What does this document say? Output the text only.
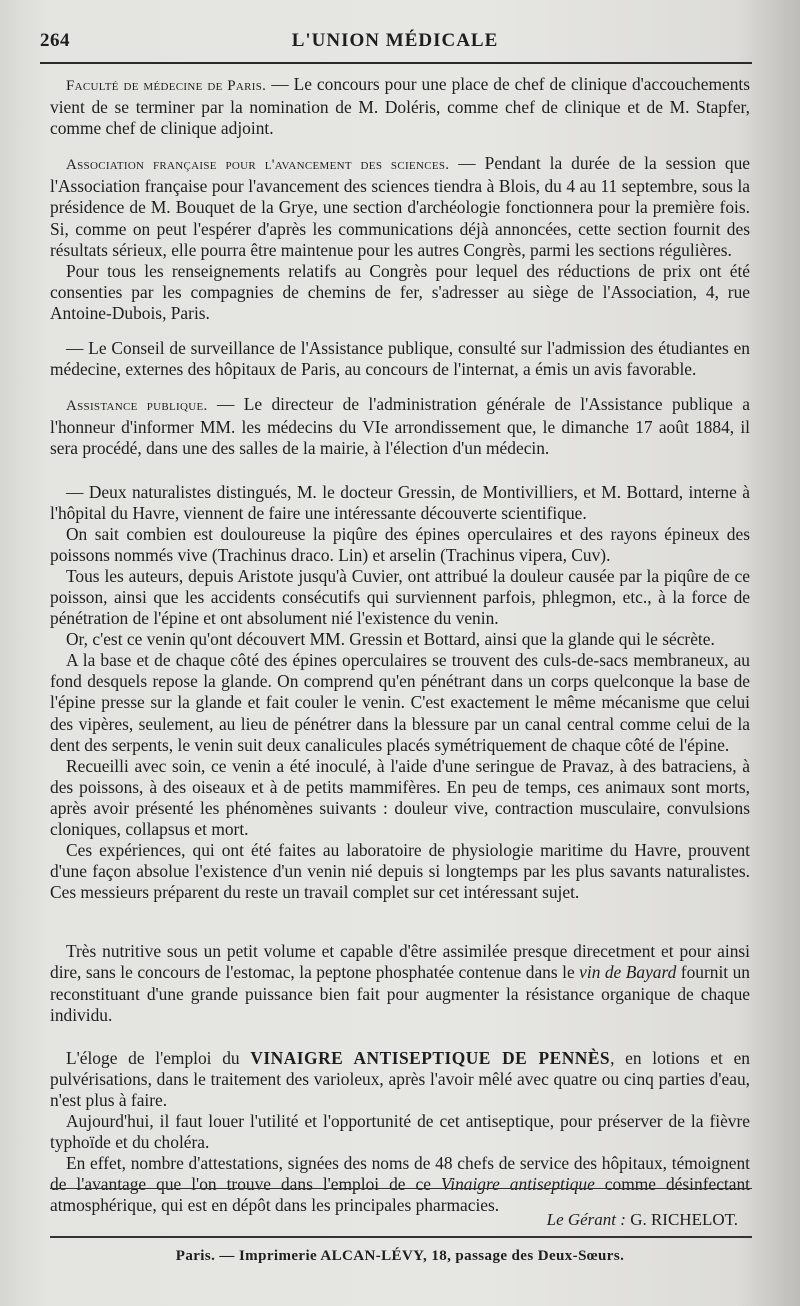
264	L'UNION MÉDICALE

Faculté de médecine de Paris. — Le concours pour une place de chef de clinique d'accouchements vient de se terminer par la nomination de M. Doléris, comme chef de clinique et de M. Stapfer, comme chef de clinique adjoint.

Association française pour l'avancement des sciences. — Pendant la durée de la session que l'Association française pour l'avancement des sciences tiendra à Blois, du 4 au 11 septembre, sous la présidence de M. Bouquet de la Grye, une section d'archéologie fonctionnera pour la première fois. Si, comme on peut l'espérer d'après les communications déjà annoncées, cette section fournit des résultats sérieux, elle pourra être maintenue pour les autres Congrès, parmi les sections régulières.

Pour tous les renseignements relatifs au Congrès pour lequel des réductions de prix ont été consenties par les compagnies de chemins de fer, s'adresser au siège de l'Association, 4, rue Antoine-Dubois, Paris.

— Le Conseil de surveillance de l'Assistance publique, consulté sur l'admission des étudiantes en médecine, externes des hôpitaux de Paris, au concours de l'internat, a émis un avis favorable.

Assistance publique. — Le directeur de l'administration générale de l'Assistance publique a l'honneur d'informer MM. les médecins du VIe arrondissement que, le dimanche 17 août 1884, il sera procédé, dans une des salles de la mairie, à l'élection d'un médecin.

— Deux naturalistes distingués, M. le docteur Gressin, de Montivilliers, et M. Bottard, interne à l'hôpital du Havre, viennent de faire une intéressante découverte scientifique.

On sait combien est douloureuse la piqûre des épines operculaires et des rayons épineux des poissons nommés vive (Trachinus draco. Lin) et arselin (Trachinus vipera, Cuv).

Tous les auteurs, depuis Aristote jusqu'à Cuvier, ont attribué la douleur causée par la piqûre de ce poisson, ainsi que les accidents consécutifs qui surviennent parfois, phlegmon, etc., à la force de pénétration de l'épine et ont absolument nié l'existence du venin.

Or, c'est ce venin qu'ont découvert MM. Gressin et Bottard, ainsi que la glande qui le sécrète.

A la base et de chaque côté des épines operculaires se trouvent des culs-de-sacs membraneux, au fond desquels repose la glande. On comprend qu'en pénétrant dans un corps quelconque la base de l'épine presse sur la glande et fait couler le venin. C'est exactement le même mécanisme que celui des vipères, seulement, au lieu de pénétrer dans la blessure par un canal central comme celui de la dent des serpents, le venin suit deux canalicules placés symétriquement de chaque côté de l'épine.

Recueilli avec soin, ce venin a été inoculé, à l'aide d'une seringue de Pravaz, à des batraciens, à des poissons, à des oiseaux et à de petits mammifères. En peu de temps, ces animaux sont morts, après avoir présenté les phénomènes suivants : douleur vive, contraction musculaire, convulsions cloniques, collapsus et mort.

Ces expériences, qui ont été faites au laboratoire de physiologie maritime du Havre, prouvent d'une façon absolue l'existence d'un venin nié depuis si longtemps par les plus savants naturalistes. Ces messieurs préparent du reste un travail complet sur cet intéressant sujet.

Très nutritive sous un petit volume et capable d'être assimilée presque direcetment et pour ainsi dire, sans le concours de l'estomac, la peptone phosphatée contenue dans le vin de Bayard fournit un reconstituant d'une grande puissance bien fait pour augmenter la résistance organique de chaque individu.

L'éloge de l'emploi du VINAIGRE ANTISEPTIQUE DE PENNÈS, en lotions et en pulvérisations, dans le traitement des varioleux, après l'avoir mêlé avec quatre ou cinq parties d'eau, n'est plus à faire.

Aujourd'hui, il faut louer l'utilité et l'opportunité de cet antiseptique, pour préserver de la fièvre typhoïde et du choléra.

En effet, nombre d'attestations, signées des noms de 48 chefs de service des hôpitaux, témoignent de l'avantage que l'on trouve dans l'emploi de ce Vinaigre antiseptique comme désinfectant atmosphérique, qui est en dépôt dans les principales pharmacies.

Le Gérant : G. RICHELOT.
Paris. — Imprimerie ALCAN-LÉVY, 18, passage des Deux-Sœurs.
